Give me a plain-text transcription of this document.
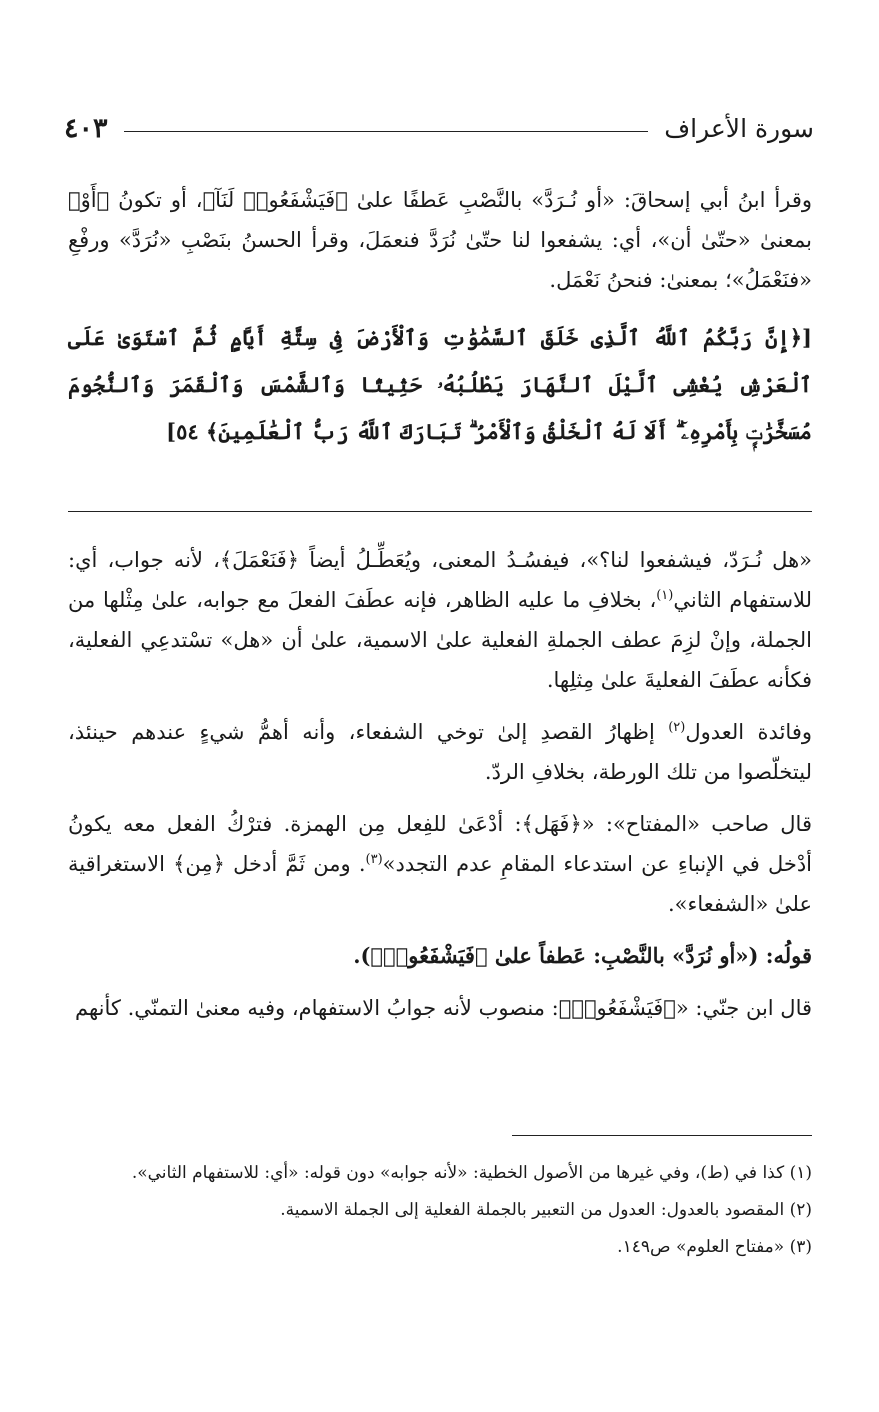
سورة الأعراف
٤٠٣

وقرأ ابنُ أبي إسحاقَ: «أو نُـرَدَّ» بالنَّصْبِ عَطفًا علىٰ ﴿فَيَشْفَعُوا۟ لَنَآ﴾، أو تكونُ ﴿أَوْ﴾ بمعنىٰ «حتّىٰ أن»، أي: يشفعوا لنا حتّىٰ نُرَدَّ فنعمَلَ، وقرأ الحسنُ بنَصْبِ «نُرَدَّ» ورفْعِ «فنَعْمَلُ»؛ بمعنىٰ: فنحنُ نَعْمَل.

[﴿إِنَّ رَبَّكُمُ ٱللَّهُ ٱلَّذِى خَلَقَ ٱلسَّمَٰوَٰتِ وَٱلْأَرْضَ فِى سِتَّةِ أَيَّامٍ ثُمَّ ٱسْتَوَىٰ عَلَى ٱلْعَرْشِ يُغْشِى ٱلَّيْلَ ٱلنَّهَارَ يَطْلُبُهُۥ حَثِيثًا وَٱلشَّمْسَ وَٱلْقَمَرَ وَٱلنُّجُومَ مُسَخَّرَٰتٍۭ بِأَمْرِهِۦٓ ۗ أَلَا لَهُ ٱلْخَلْقُ وَٱلْأَمْرُ ۗ تَبَارَكَ ٱللَّهُ رَبُّ ٱلْعَٰلَمِينَ﴾ ٥٤]

«هل نُـرَدّ، فيشفعوا لنا؟»، فيفسُـدُ المعنى، ويُعَطِّـلُ أيضاً ﴿فَنَعْمَلَ﴾، لأنه جواب، أي: للاستفهام الثاني$^{(١)}$، بخلافِ ما عليه الظاهر، فإنه عطَفَ الفعلَ مع جوابه، علىٰ مِثْلها من الجملة، وإنْ لزِمَ عطف الجملةِ الفعلية علىٰ الاسمية، علىٰ أن «هل» تسْتدعِي الفعلية، فكأنه عطَفَ الفعليةَ علىٰ مِثلِها.

وفائدة العدول$^{(٢)}$ إظهارُ القصدِ إلىٰ توخي الشفعاء، وأنه أهمُّ شيءٍ عندهم حينئذ، ليتخلّصوا من تلك الورطة، بخلافِ الردّ.

قال صاحب «المفتاح»: «﴿فَهَل﴾: أدْعَىٰ للفِعل مِن الهمزة. فترْكُ الفعل معه يكونُ أدْخل في الإنباءِ عن استدعاء المقامِ عدم التجدد»$^{(٣)}$. ومن ثَمَّ أدخل ﴿مِن﴾ الاستغراقية علىٰ «الشفعاء».

قولُه: («أو نُرَدَّ» بالنَّصْبِ: عَطفاً علىٰ ﴿فَيَشْفَعُوا۟﴾).

قال ابن جنّي: «﴿فَيَشْفَعُوا۟﴾: منصوب لأنه جوابُ الاستفهام، وفيه معنىٰ التمنّي. كأنهم

(١) كذا في (ط)، وفي غيرها من الأصول الخطية: «لأنه جوابه» دون قوله: «أي: للاستفهام الثاني».

(٢) المقصود بالعدول: العدول من التعبير بالجملة الفعلية إلى الجملة الاسمية.

(٣) «مفتاح العلوم» ص١٤٩.
